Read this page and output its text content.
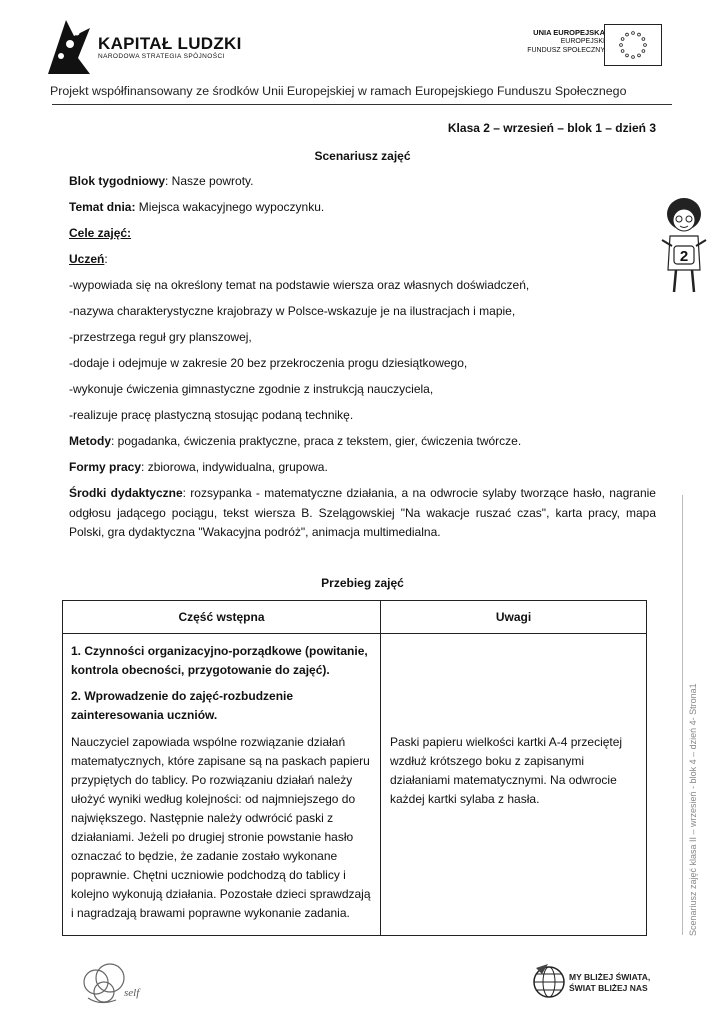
KAPITAŁ LUDZKI
NARODOWA STRATEGIA SPÓJNOŚCI
UNIA EUROPEJSKA
EUROPEJSKI
FUNDUSZ SPOŁECZNY
Projekt współfinansowany ze środków Unii Europejskiej w ramach Europejskiego Funduszu Społecznego
Klasa 2 – wrzesień – blok 1 – dzień 3
Scenariusz zajęć
Blok tygodniowy: Nasze powroty.
Temat dnia: Miejsca wakacyjnego wypoczynku.
Cele zajęć:
Uczeń:
-wypowiada się na określony temat na podstawie wiersza oraz własnych doświadczeń,
-nazywa charakterystyczne krajobrazy w Polsce-wskazuje je na ilustracjach i mapie,
-przestrzega reguł gry planszowej,
-dodaje i odejmuje w zakresie 20 bez przekroczenia progu dziesiątkowego,
-wykonuje ćwiczenia gimnastyczne zgodnie z instrukcją nauczyciela,
-realizuje pracę plastyczną stosując podaną technikę.
Metody: pogadanka, ćwiczenia praktyczne, praca z tekstem, gier, ćwiczenia twórcze.
Formy pracy: zbiorowa, indywidualna, grupowa.
Środki dydaktyczne: rozsypanka - matematyczne działania, a na odwrocie sylaby tworzące hasło, nagranie odgłosu jadącego pociągu, tekst wiersza B. Szelągowskiej "Na wakacje ruszać czas", karta pracy, mapa Polski, gra dydaktyczna "Wakacyjna podróż", animacja multimedialna.
Przebieg zajęć
Część wstępna	Uwagi
1. Czynności organizacyjno-porządkowe (powitanie, kontrola obecności, przygotowanie do zajęć).
2. Wprowadzenie do zajęć-rozbudzenie zainteresowania uczniów.
Nauczyciel zapowiada wspólne rozwiązanie działań matematycznych, które zapisane są na paskach papieru przypiętych do tablicy. Po rozwiązaniu działań należy ułożyć wyniki według kolejności: od najmniejszego do największego. Następnie należy odwrócić paski z działaniami. Jeżeli po drugiej stronie powstanie hasło oznaczać to będzie, że zadanie zostało wykonane poprawnie. Chętni uczniowie podchodzą do tablicy i kolejno wykonują działania. Pozostałe dzieci sprawdzają i nagradzają brawami poprawne wykonanie zadania.
Paski papieru wielkości kartki A-4 przeciętej wzdłuż krótszego boku z zapisanymi działaniami matematycznymi. Na odwrocie każdej kartki sylaba z hasła.
2
Scenariusz zajęć klasa II – wrzesień - blok 4 – dzień 4- Strona1
self
MY BLIŻEJ ŚWIATA,
ŚWIAT BLIŻEJ NAS
